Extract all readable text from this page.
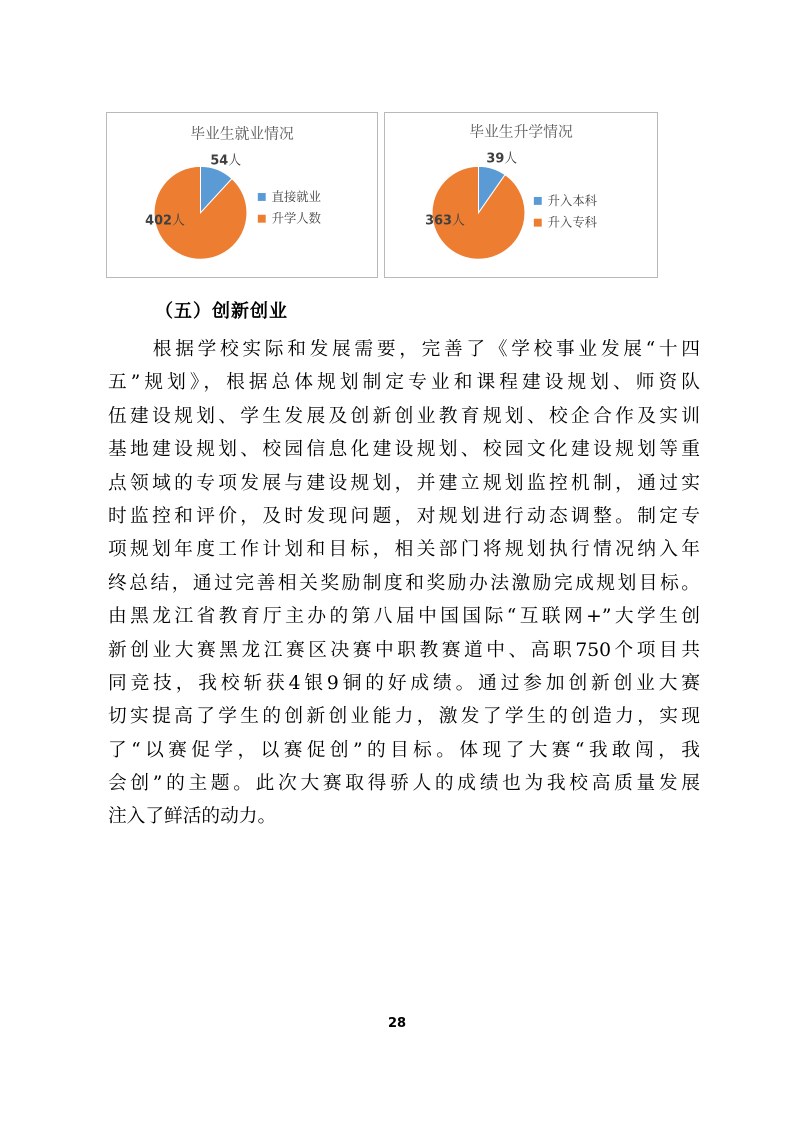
毕业生就业情况
54人
402人
直接就业
升学人数
毕业生升学情况
39人
363人
升入本科
升入专科
（五）创新创业
　　根据学校实际和发展需要，完善了《学校事业发展“十四
五”规划》，根据总体规划制定专业和课程建设规划、师资队
伍建设规划、学生发展及创新创业教育规划、校企合作及实训
基地建设规划、校园信息化建设规划、校园文化建设规划等重
点领域的专项发展与建设规划，并建立规划监控机制，通过实
时监控和评价，及时发现问题，对规划进行动态调整。制定专
项规划年度工作计划和目标，相关部门将规划执行情况纳入年
终总结，通过完善相关奖励制度和奖励办法激励完成规划目标。
由黑龙江省教育厅主办的第八届中国国际“互联网+”大学生创
新创业大赛黑龙江赛区决赛中职教赛道中、高职750个项目共
同竞技，我校斩获4银9铜的好成绩。通过参加创新创业大赛
切实提高了学生的创新创业能力，激发了学生的创造力，实现
了“以赛促学，以赛促创”的目标。体现了大赛“我敢闯，我
会创”的主题。此次大赛取得骄人的成绩也为我校高质量发展
注入了鲜活的动力。
28
